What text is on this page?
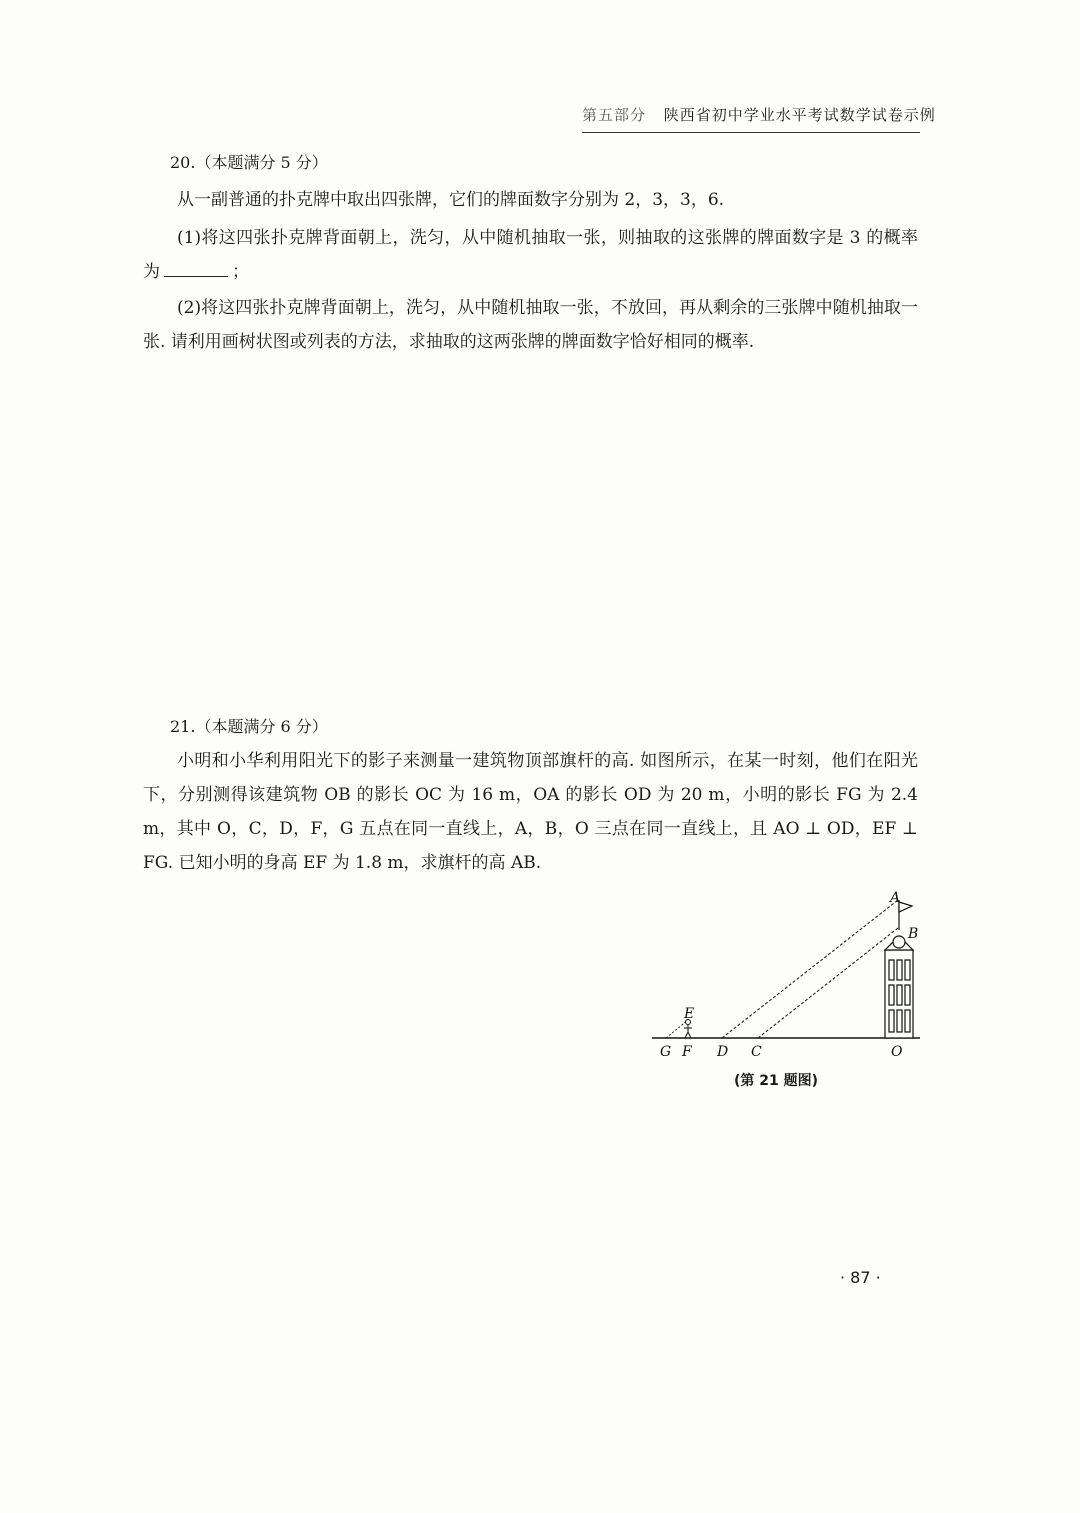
第五部分 陕西省初中学业水平考试数学试卷示例
20.（本题满分 5 分）
从一副普通的扑克牌中取出四张牌，它们的牌面数字分别为 2，3，3，6.
(1)将这四张扑克牌背面朝上，洗匀，从中随机抽取一张，则抽取的这张牌的牌面数字是 3 的概率为	；
(2)将这四张扑克牌背面朝上，洗匀，从中随机抽取一张，不放回，再从剩余的三张牌中随机抽取一张. 请利用画树状图或列表的方法，求抽取的这两张牌的牌面数字恰好相同的概率.
21.（本题满分 6 分）
小明和小华利用阳光下的影子来测量一建筑物顶部旗杆的高. 如图所示，在某一时刻，他们在阳光下，分别测得该建筑物 OB 的影长 OC 为 16 m，OA 的影长 OD 为 20 m，小明的影长 FG 为 2.4 m，其中 O，C，D，F，G 五点在同一直线上，A，B，O 三点在同一直线上，且 AO ⊥ OD，EF ⊥ FG. 已知小明的身高 EF 为 1.8 m，求旗杆的高 AB.
A
B
E
G F D C	O
(第 21 题图)
· 87 ·
